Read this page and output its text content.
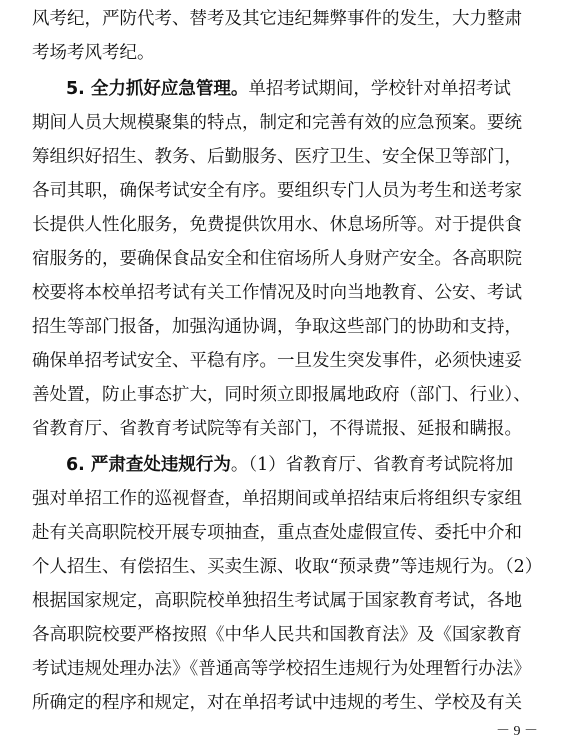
风考纪，严防代考、替考及其它违纪舞弊事件的发生，大力整肃
考场考风考纪。
5. 全力抓好应急管理。单招考试期间，学校针对单招考试
期间人员大规模聚集的特点，制定和完善有效的应急预案。要统
筹组织好招生、教务、后勤服务、医疗卫生、安全保卫等部门，
各司其职，确保考试安全有序。要组织专门人员为考生和送考家
长提供人性化服务，免费提供饮用水、休息场所等。对于提供食
宿服务的，要确保食品安全和住宿场所人身财产安全。各高职院
校要将本校单招考试有关工作情况及时向当地教育、公安、考试
招生等部门报备，加强沟通协调，争取这些部门的协助和支持，
确保单招考试安全、平稳有序。一旦发生突发事件，必须快速妥
善处置，防止事态扩大，同时须立即报属地政府（部门、行业）、
省教育厅、省教育考试院等有关部门，不得谎报、延报和瞒报。
6. 严肃查处违规行为。（1）省教育厅、省教育考试院将加
强对单招工作的巡视督查，单招期间或单招结束后将组织专家组
赴有关高职院校开展专项抽查，重点查处虚假宣传、委托中介和
个人招生、有偿招生、买卖生源、收取“预录费”等违规行为。（2）
根据国家规定，高职院校单独招生考试属于国家教育考试，各地
各高职院校要严格按照《中华人民共和国教育法》及《国家教育
考试违规处理办法》《普通高等学校招生违规行为处理暂行办法》
所确定的程序和规定，对在单招考试中违规的考生、学校及有关
－ 9 －
